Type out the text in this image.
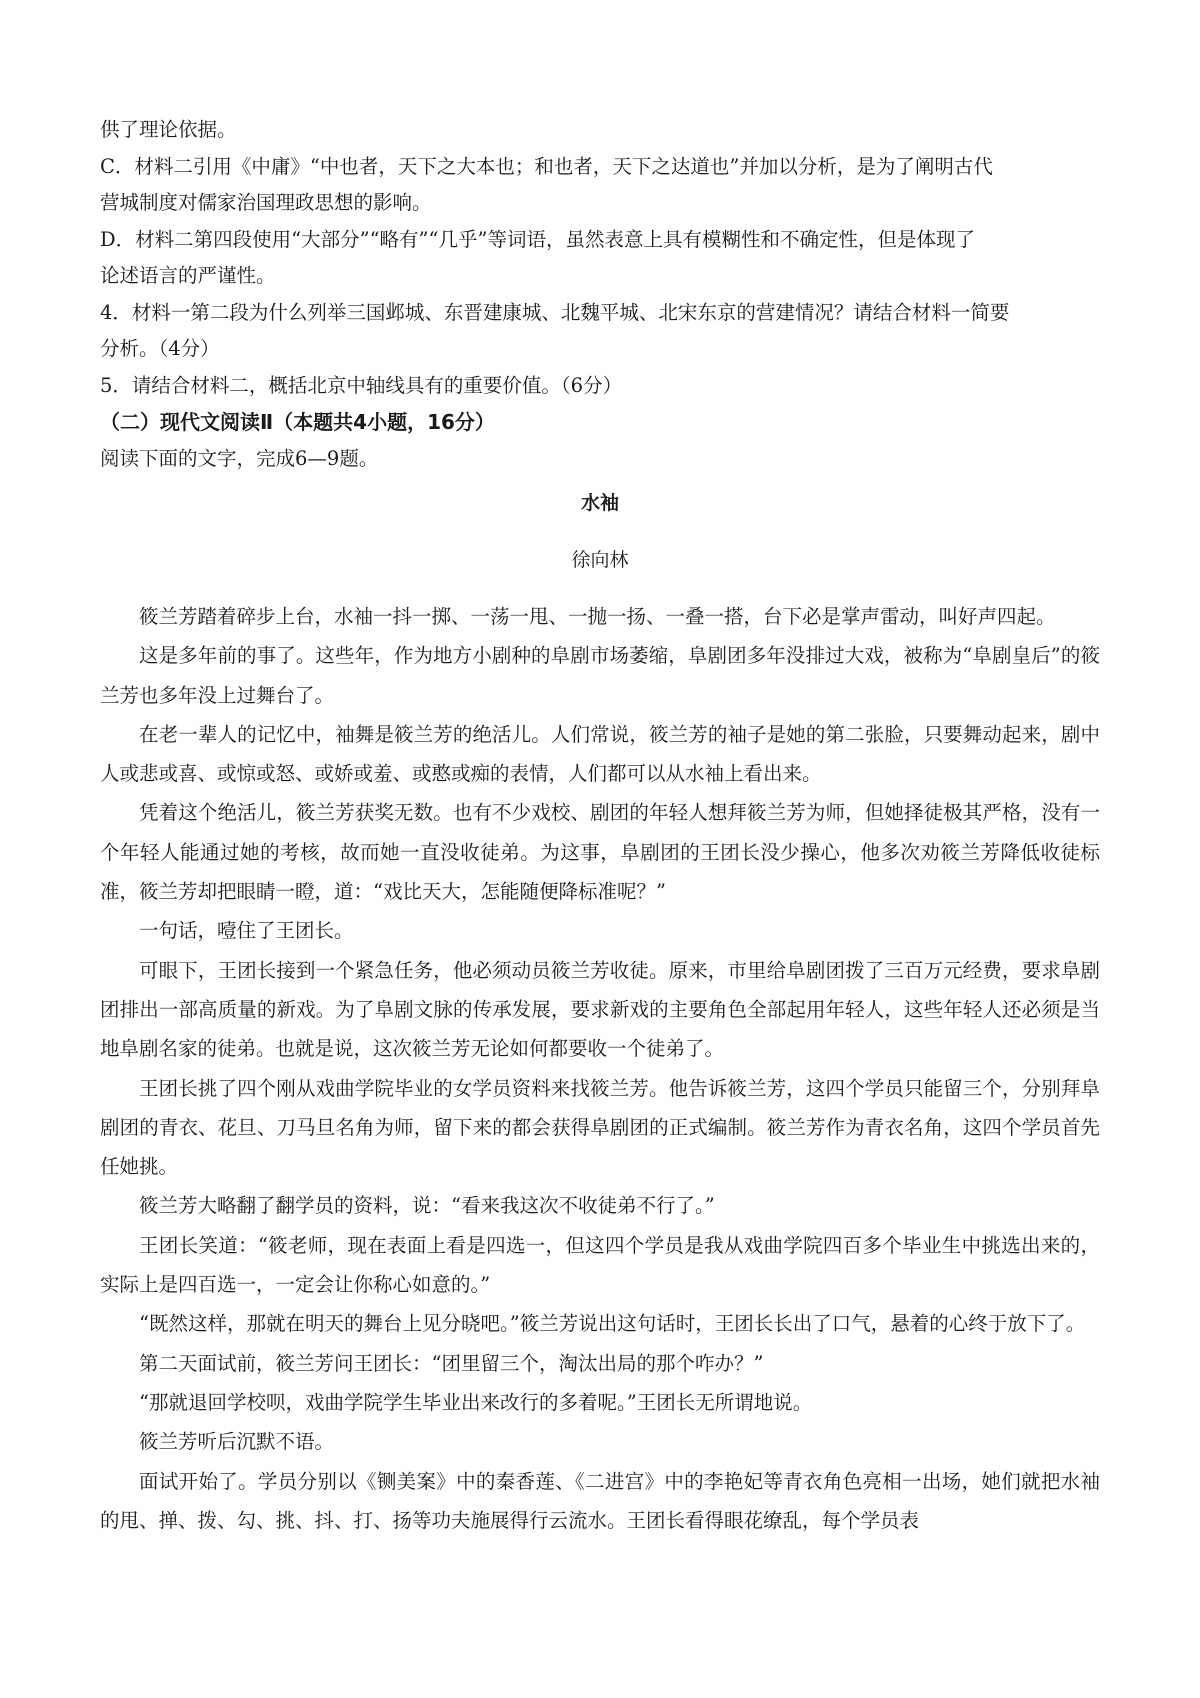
供了理论依据。

C．材料二引用《中庸》“中也者，天下之大本也；和也者，天下之达道也”并加以分析，是为了阐明古代

营城制度对儒家治国理政思想的影响。

D．材料二第四段使用“大部分”“略有”“几乎”等词语，虽然表意上具有模糊性和不确定性，但是体现了

论述语言的严谨性。

4．材料一第二段为什么列举三国邺城、东晋建康城、北魏平城、北宋东京的营建情况？请结合材料一简要

分析。（4分）

5．请结合材料二，概括北京中轴线具有的重要价值。（6分）

（二）现代文阅读Ⅱ（本题共4小题，16分）

阅读下面的文字，完成6—9题。

水袖

徐向林

筱兰芳踏着碎步上台，水袖一抖一掷、一荡一甩、一抛一扬、一叠一搭，台下必是掌声雷动，叫好声四起。

这是多年前的事了。这些年，作为地方小剧种的阜剧市场萎缩，阜剧团多年没排过大戏，被称为“阜剧皇后”的筱兰芳也多年没上过舞台了。

在老一辈人的记忆中，袖舞是筱兰芳的绝活儿。人们常说，筱兰芳的袖子是她的第二张脸，只要舞动起来，剧中人或悲或喜、或惊或怒、或娇或羞、或憨或痴的表情，人们都可以从水袖上看出来。

凭着这个绝活儿，筱兰芳获奖无数。也有不少戏校、剧团的年轻人想拜筱兰芳为师，但她择徒极其严格，没有一个年轻人能通过她的考核，故而她一直没收徒弟。为这事，阜剧团的王团长没少操心，他多次劝筱兰芳降低收徒标准，筱兰芳却把眼睛一瞪，道：“戏比天大，怎能随便降标准呢？”

一句话，噎住了王团长。

可眼下，王团长接到一个紧急任务，他必须动员筱兰芳收徒。原来，市里给阜剧团拨了三百万元经费，要求阜剧团排出一部高质量的新戏。为了阜剧文脉的传承发展，要求新戏的主要角色全部起用年轻人，这些年轻人还必须是当地阜剧名家的徒弟。也就是说，这次筱兰芳无论如何都要收一个徒弟了。

王团长挑了四个刚从戏曲学院毕业的女学员资料来找筱兰芳。他告诉筱兰芳，这四个学员只能留三个，分别拜阜剧团的青衣、花旦、刀马旦名角为师，留下来的都会获得阜剧团的正式编制。筱兰芳作为青衣名角，这四个学员首先任她挑。

筱兰芳大略翻了翻学员的资料，说：“看来我这次不收徒弟不行了。”

王团长笑道：“筱老师，现在表面上看是四选一，但这四个学员是我从戏曲学院四百多个毕业生中挑选出来的，实际上是四百选一，一定会让你称心如意的。”

“既然这样，那就在明天的舞台上见分晓吧。”筱兰芳说出这句话时，王团长长出了口气，悬着的心终于放下了。

第二天面试前，筱兰芳问王团长：“团里留三个，淘汰出局的那个咋办？”

“那就退回学校呗，戏曲学院学生毕业出来改行的多着呢。”王团长无所谓地说。

筱兰芳听后沉默不语。

面试开始了。学员分别以《铡美案》中的秦香莲、《二进宫》中的李艳妃等青衣角色亮相一出场，她们就把水袖的甩、掸、拨、勾、挑、抖、打、扬等功夫施展得行云流水。王团长看得眼花缭乱，每个学员表
